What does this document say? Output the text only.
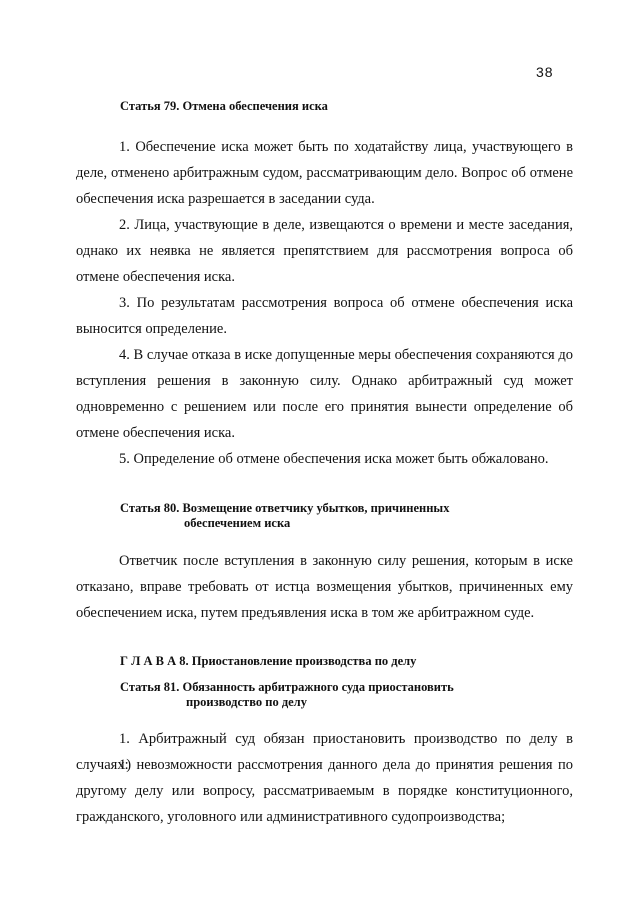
38
Статья 79. Отмена обеспечения иска
1. Обеспечение иска может быть по ходатайству лица, участвующего в деле, отменено арбитражным судом, рассматривающим дело. Вопрос об отмене обеспечения иска разрешается в заседании суда.
2. Лица, участвующие в деле, извещаются о времени и месте заседания, однако их неявка не является препятствием для рассмотрения вопроса об отмене обеспечения иска.
3. По результатам рассмотрения вопроса об отмене обеспечения иска выносится определение.
4. В случае отказа в иске допущенные меры обеспечения сохраняются до вступления решения в законную силу. Однако арбитражный суд может одновременно с решением или после его принятия вынести определение об отмене обеспечения иска.
5. Определение об отмене обеспечения иска может быть обжаловано.
Статья 80. Возмещение ответчику убытков, причиненных
обеспечением иска
Ответчик после вступления в законную силу решения, которым в иске отказано, вправе требовать от истца возмещения убытков, причиненных ему обеспечением иска, путем предъявления иска в том же арбитражном суде.
Г Л А В А 8. Приостановление производства по делу
Статья 81. Обязанность арбитражного суда приостановить
производство по делу
1. Арбитражный суд обязан приостановить производство по делу в случаях:
1) невозможности рассмотрения данного дела до принятия решения по другому делу или вопросу, рассматриваемым в порядке конституционного, гражданского, уголовного или административного судопроизводства;
